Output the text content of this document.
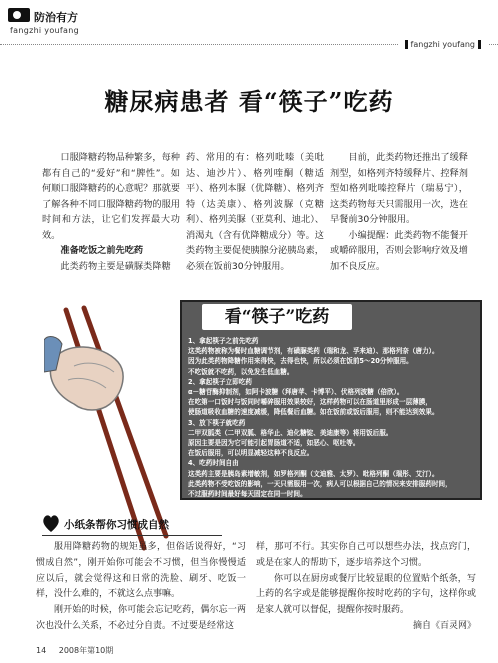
防治有方
fangzhi youfang
fangzhi youfang
糖尿病患者 看“筷子”吃药

口服降糖药物品种繁多，每种都有自己的“爱好”和“脾性”。如何顺口服降糖药的心意呢？那就要了解各种不同口服降糖药物的服用时间和方法，让它们发挥最大功效。

准备吃饭之前先吃药

此类药物主要是磺脲类降糖

药、常用的有：格列吡嗪（美吡达、迪沙片）、格列喹酮（糖适平）、格列本脲（优降糖）、格列齐特（达美康）、格列波脲（克糖利）、格列美脲（亚莫利、迪北）、消渴丸（含有优降糖成分）等。这类药物主要促使胰腺分泌胰岛素，必须在饭前30分钟服用。

目前，此类药物还推出了缓释剂型，如格列齐特缓释片、控释剂型如格列吡嗪控释片（瑞易宁），这类药物每天只需服用一次，选在早餐前30分钟服用。

小编提醒：此类药物不能餐开或嚼碎服用，否则会影响疗效及增加不良反应。

看“筷子”吃药
1、拿起筷子之前先吃药
这类药物被称为餐时血糖调节剂，有磺脲类药（瑞和龙、孚来迪）、那格列奈（唐力）。
因为此类药物降糖作用来得快，去得也快，所以必须在饭前5～20分钟服用。
不吃饭就不吃药，以免发生低血糖。
2、拿起筷子立即吃药
α－糖苷酶抑制剂，如阿卡波糖（拜唐苹、卡博平）、伏格列波糖（倍欣）。
在吃第一口饭时与饭同时嚼碎服用效果较好，这样药物可以在肠道里形成一层薄膜，
使肠道吸收血糖的速度减缓，降低餐后血糖。如在饭前或饭后服用，则不能达到效果。
3、放下筷子就吃药
二甲双胍类（二甲双胍、格华止、迪化糖锭、美迪康等）将用饭后服。
原因主要是因为它可能引起胃肠道不适，如恶心、呕吐等。
在饭后服用，可以明显减轻这种不良反应。
4、吃药时间自由
这类药主要是胰岛素增敏剂，如罗格列酮（文迪雅、太罗）、吡格列酮（瑞彤、艾汀）。
此类药物不受吃饭的影响，一天只需服用一次，病人可以根据自己的情况来安排服药时间，
不过服药时间最好每天固定在同一时间。
小纸条帮你习惯成自然

服用降糖药物的规矩虽多，但俗话说得好，“习惯成自然”，刚开始你可能会不习惯，但当你慢慢适应以后，就会觉得这和日常的洗脸、刷牙、吃饭一样，没什么难的，不就这么点事嘛。

刚开始的时候，你可能会忘记吃药，偶尔忘一两次也没什么关系，不必过分自责。不过要是经常这

样，那可不行。其实你自己可以想些办法，找点窍门，或是在家人的帮助下，逐步培养这个习惯。

你可以在厨房或餐厅比较显眼的位置贴个纸条，写上药的名字或是能够提醒你按时吃药的字句，这样你或是家人就可以督促，提醒你按时服药。

摘自《百灵网》
14 2008年第10期
